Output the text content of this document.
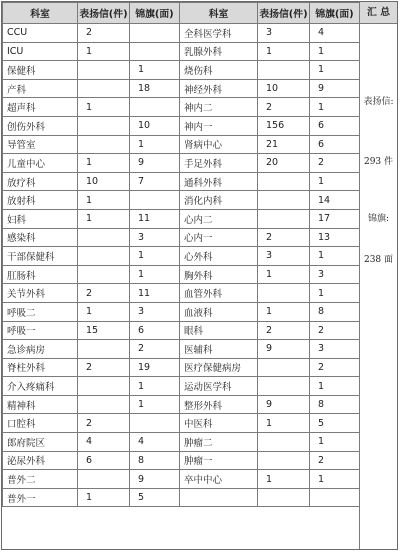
科室	表扬信(件)	锦旗(面)	科室	表扬信(件)	锦旗(面)
CCU	2		全科医学科	3	4
ICU	1		乳腺外科	1	1
保健科		1	烧伤科		1
产科		18	神经外科	10	9
超声科	1		神内二	2	1
创伤外科		10	神内一	156	6
导管室		1	肾病中心	21	6
儿童中心	1	9	手足外科	20	2
放疗科	10	7	通科外科		1
放射科	1		消化内科		14
妇科	1	11	心内二		17
感染科		3	心内一	2	13
干部保健科		1	心外科	3	1
肛肠科		1	胸外科	1	3
关节外科	2	11	血管外科		1
呼吸二	1	3	血液科	1	8
呼吸一	15	6	眼科	2	2
急诊病房		2	医辅科	9	3
脊柱外科	2	19	医疗保健病房		2
介入疼痛科		1	运动医学科		1
精神科		1	整形外科	9	8
口腔科	2		中医科	1	5
郎府院区	4	4	肿瘤二		1
泌尿外科	6	8	肿瘤一		2
普外二		9	卒中中心	1	1
普外一	1	5			
汇 总
表扬信:
293 件
锦旗:
238 面
